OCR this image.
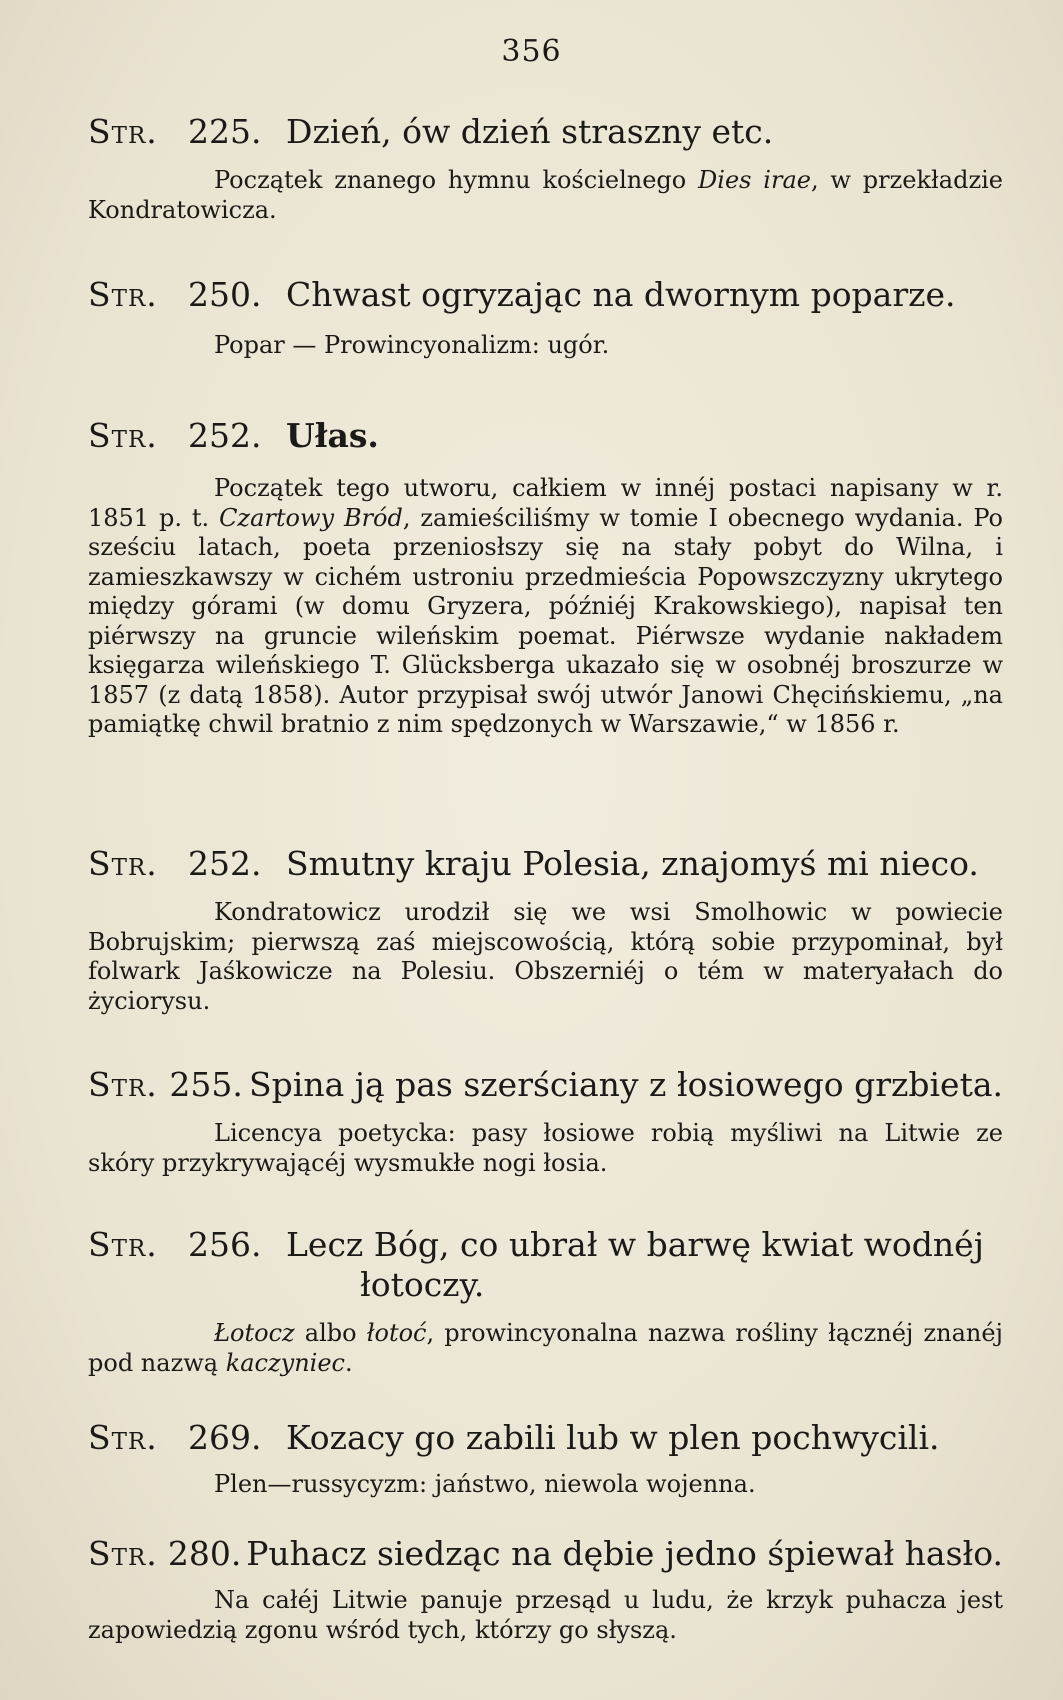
356
Str. 225. Dzień, ów dzień straszny etc.

Początek znanego hymnu kościelnego Dies irae, w przekładzie Kondratowicza.

Str. 250. Chwast ogryzając na dwornym poparze.

Popar — Prowincyonalizm: ugór.

Str. 252. Ułas.

Początek tego utworu, całkiem w innéj postaci napisany w r. 1851 p. t. Czartowy Bród, zamieściliśmy w tomie I obecnego wydania. Po sześciu latach, poeta przeniosłszy się na stały pobyt do Wilna, i zamieszkawszy w cichém ustroniu przedmieścia Popowszczyzny ukrytego między górami (w domu Gryzera, późniéj Krakowskiego), napisał ten piérwszy na gruncie wileńskim poemat. Piérwsze wydanie nakładem księgarza wileńskiego T. Glücksberga ukazało się w osobnéj broszurze w 1857 (z datą 1858). Autor przypisał swój utwór Janowi Chęcińskiemu, „na pamiątkę chwil bratnio z nim spędzonych w Warszawie,“ w 1856 r.

Str. 252. Smutny kraju Polesia, znajomyś mi nieco.

Kondratowicz urodził się we wsi Smolhowic w powiecie Bobrujskim; pierwszą zaś miejscowością, którą sobie przypominał, był folwark Jaśkowicze na Polesiu. Obszerniéj o tém w materyałach do życiorysu.

Str. 255. Spina ją pas szerściany z łosiowego grzbieta.

Licencya poetycka: pasy łosiowe robią myśliwi na Litwie ze skóry przykrywającéj wysmukłe nogi łosia.

Str. 256. Lecz Bóg, co ubrał w barwę kwiat wodnéj
łotoczy.

Łotocz albo łotoć, prowincyonalna nazwa rośliny łącznéj znanéj pod nazwą kaczyniec.

Str. 269. Kozacy go zabili lub w plen pochwycili.

Plen—russycyzm: jaństwo, niewola wojenna.

Str. 280. Puhacz siedząc na dębie jedno śpiewał hasło.

Na całéj Litwie panuje przesąd u ludu, że krzyk puhacza jest zapowiedzią zgonu wśród tych, którzy go słyszą.
